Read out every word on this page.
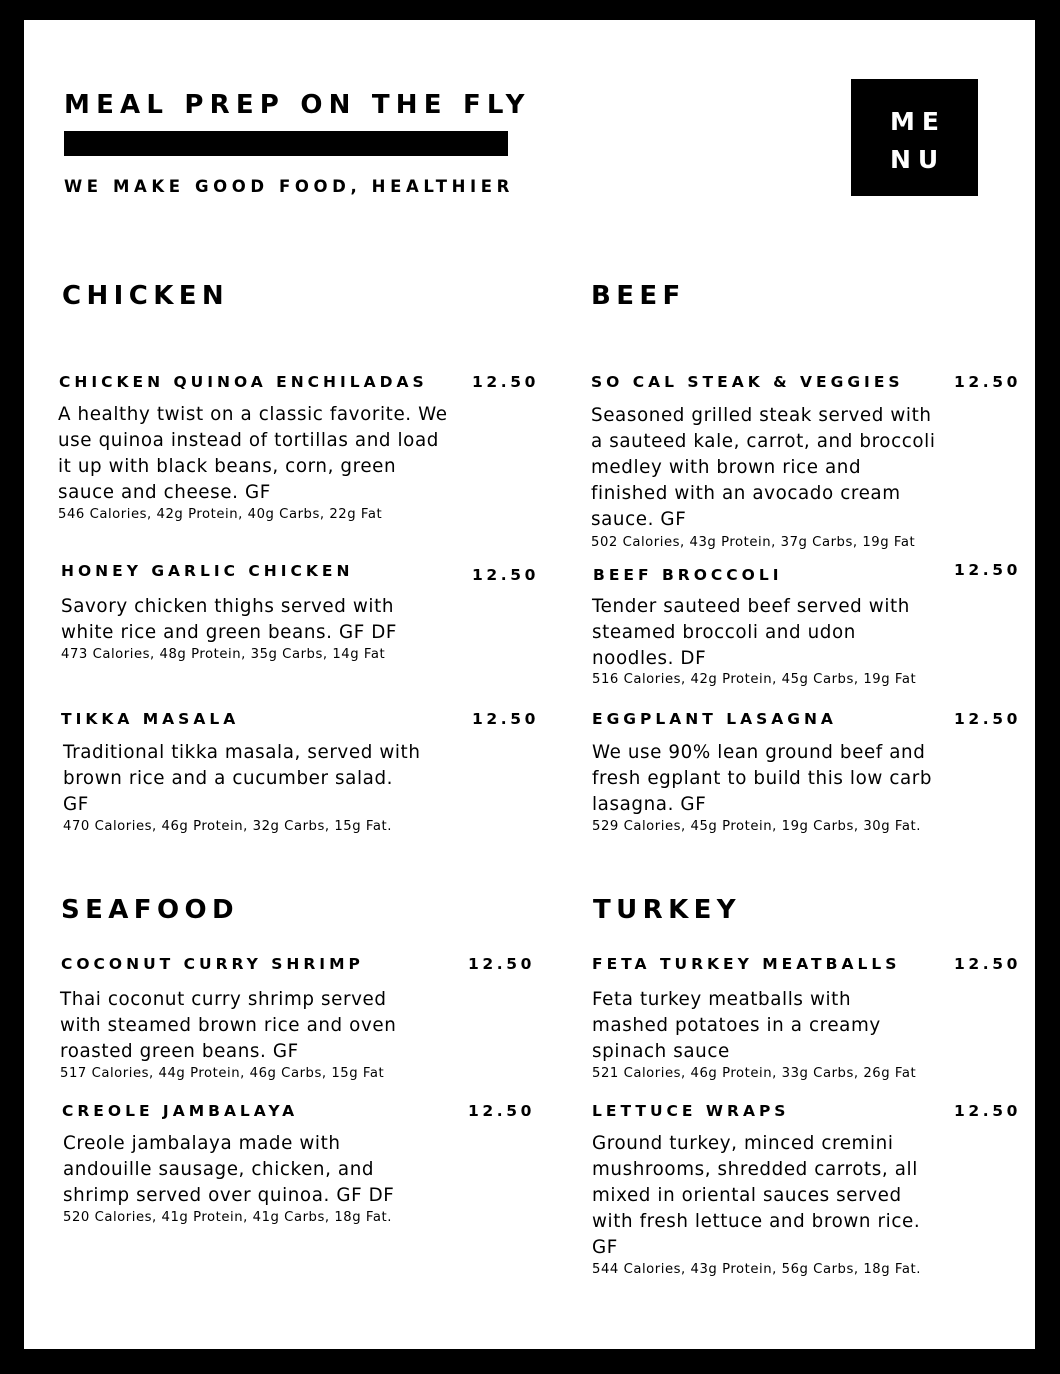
MEAL PREP ON THE FLY
WE MAKE GOOD FOOD, HEALTHIER
ME
NU
CHICKEN
CHICKEN QUINOA ENCHILADAS	12.50
A healthy twist on a classic favorite. We use quinoa instead of tortillas and load it up with black beans, corn, green sauce and cheese. GF
546 Calories, 42g Protein, 40g Carbs, 22g Fat
HONEY GARLIC CHICKEN	12.50
Savory chicken thighs served with white rice and green beans. GF DF
473 Calories, 48g Protein, 35g Carbs, 14g Fat
TIKKA MASALA	12.50
Traditional tikka masala, served with brown rice and a cucumber salad. GF
470 Calories, 46g Protein, 32g Carbs, 15g Fat.
BEEF
SO CAL STEAK & VEGGIES	12.50
Seasoned grilled steak served with a sauteed kale, carrot, and broccoli medley with brown rice and finished with an avocado cream sauce. GF
502 Calories, 43g Protein, 37g Carbs, 19g Fat
BEEF BROCCOLI	12.50
Tender sauteed beef served with steamed broccoli and udon noodles. DF
516 Calories, 42g Protein, 45g Carbs, 19g Fat
EGGPLANT LASAGNA	12.50
We use 90% lean ground beef and fresh egplant to build this low carb lasagna. GF
529 Calories, 45g Protein, 19g Carbs, 30g Fat.
SEAFOOD
COCONUT CURRY SHRIMP	12.50
Thai coconut curry shrimp served with steamed brown rice and oven roasted green beans. GF
517 Calories, 44g Protein, 46g Carbs, 15g Fat
CREOLE JAMBALAYA	12.50
Creole jambalaya made with andouille sausage, chicken, and shrimp served over quinoa. GF DF
520 Calories, 41g Protein, 41g Carbs, 18g Fat.
TURKEY
FETA TURKEY MEATBALLS	12.50
Feta turkey meatballs with mashed potatoes in a creamy spinach sauce
521 Calories, 46g Protein, 33g Carbs, 26g Fat
LETTUCE WRAPS	12.50
Ground turkey, minced cremini mushrooms, shredded carrots, all mixed in oriental sauces served with fresh lettuce and brown rice. GF
544 Calories, 43g Protein, 56g Carbs, 18g Fat.
